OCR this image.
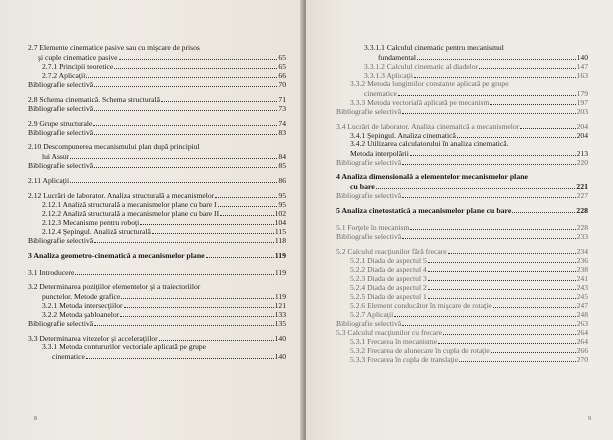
2.7 Elemente cinematice pasive sau cu mişcare de prisos
şi cuple cinematice pasive	65
2.7.1 Principii teoretice	65
2.7.2 Aplicaţii	66
Bibliografie selectivă	70
2.8 Schema cinematică. Schema structurală	71
Bibliografie selectivă	73
2.9 Grupe structurale	74
Bibliografie selectivă	83
2.10 Descompunerea mecanismului plan după principiul
lui Assur	84
Bibliografie selectivă	85
2.11 Aplicaţii	86
2.12 Lucrări de laborator. Analiza structurală a mecanismelor	95
2.12.1 Analiză structurală a mecanismelor plane cu bare I	95
2.12.2 Analiză structurală a mecanismelor plane cu bare II	102
2.12.3 Mecanisme pentru roboţi	104
2.12.4 Şepingul. Analiză structurală	115
Bibliografie selectivă	118
3 Analiza geometro-cinematică a mecanismelor plane	119
3.1 Introducere	119
3.2 Determinarea poziţiilor elementelor şi a traiectoriilor
punctelor. Metode grafice	119
3.2.1 Metoda intersecţiilor	121
3.2.2 Metoda şabloanelor	133
Bibliografie selectivă	135
3.3 Determinarea vitezelor şi acceleraţiilor	140
3.3.1 Metoda contururilor vectoriale aplicată pe grupe
cinematice	140
8
3.3.1.1 Calculul cinematic pentru mecanismul
fundamental	140
3.3.1.2 Calculul cinematic al diadelor	147
3.3.1.3 Aplicaţii	163
3.3.2 Metoda lungimilor constante aplicată pe grupe
cinematice	179
3.3.3 Metoda vectorială aplicată pe mecanism	197
Bibliografie selectivă	203
3.4 Lucrări de laborator. Analiza cinematică a mecanismelor	204
3.4.1 Şepingul. Analiza cinematică	204
3.4.2 Utilizarea calculatorului în analiza cinematică.
Metoda interpolării	213
Bibliografie selectivă	220
4 Analiza dimensională a elementelor mecanismelor plane
cu bare	221
Bibliografie selectivă	227
5 Analiza cinetostatică a mecanismelor plane cu bare	228
5.1 Forţele în mecanism	228
Bibliografie selectivă	233
5.2 Calculul reacţiunilor fără frecare	234
5.2.1 Diada de aspectul 5	236
5.2.2 Diada de aspectul 4	238
5.2.3 Diada de aspectul 3	241
5.2.4 Diada de aspectul 2	243
5.2.5 Diada de aspectul 1	245
5.2.6 Element conducător în mişcare de rotaţie	247
5.2.7 Aplicaţii	248
Bibliografie selectivă	263
5.3 Calculul reacţiunilor cu frecare	264
5.3.1 Frecarea în mecanisme	264
5.3.2 Frecarea de alunecare în cupla de rotaţie	266
5.3.3 Frecarea în cupla de translaţie	270
9
